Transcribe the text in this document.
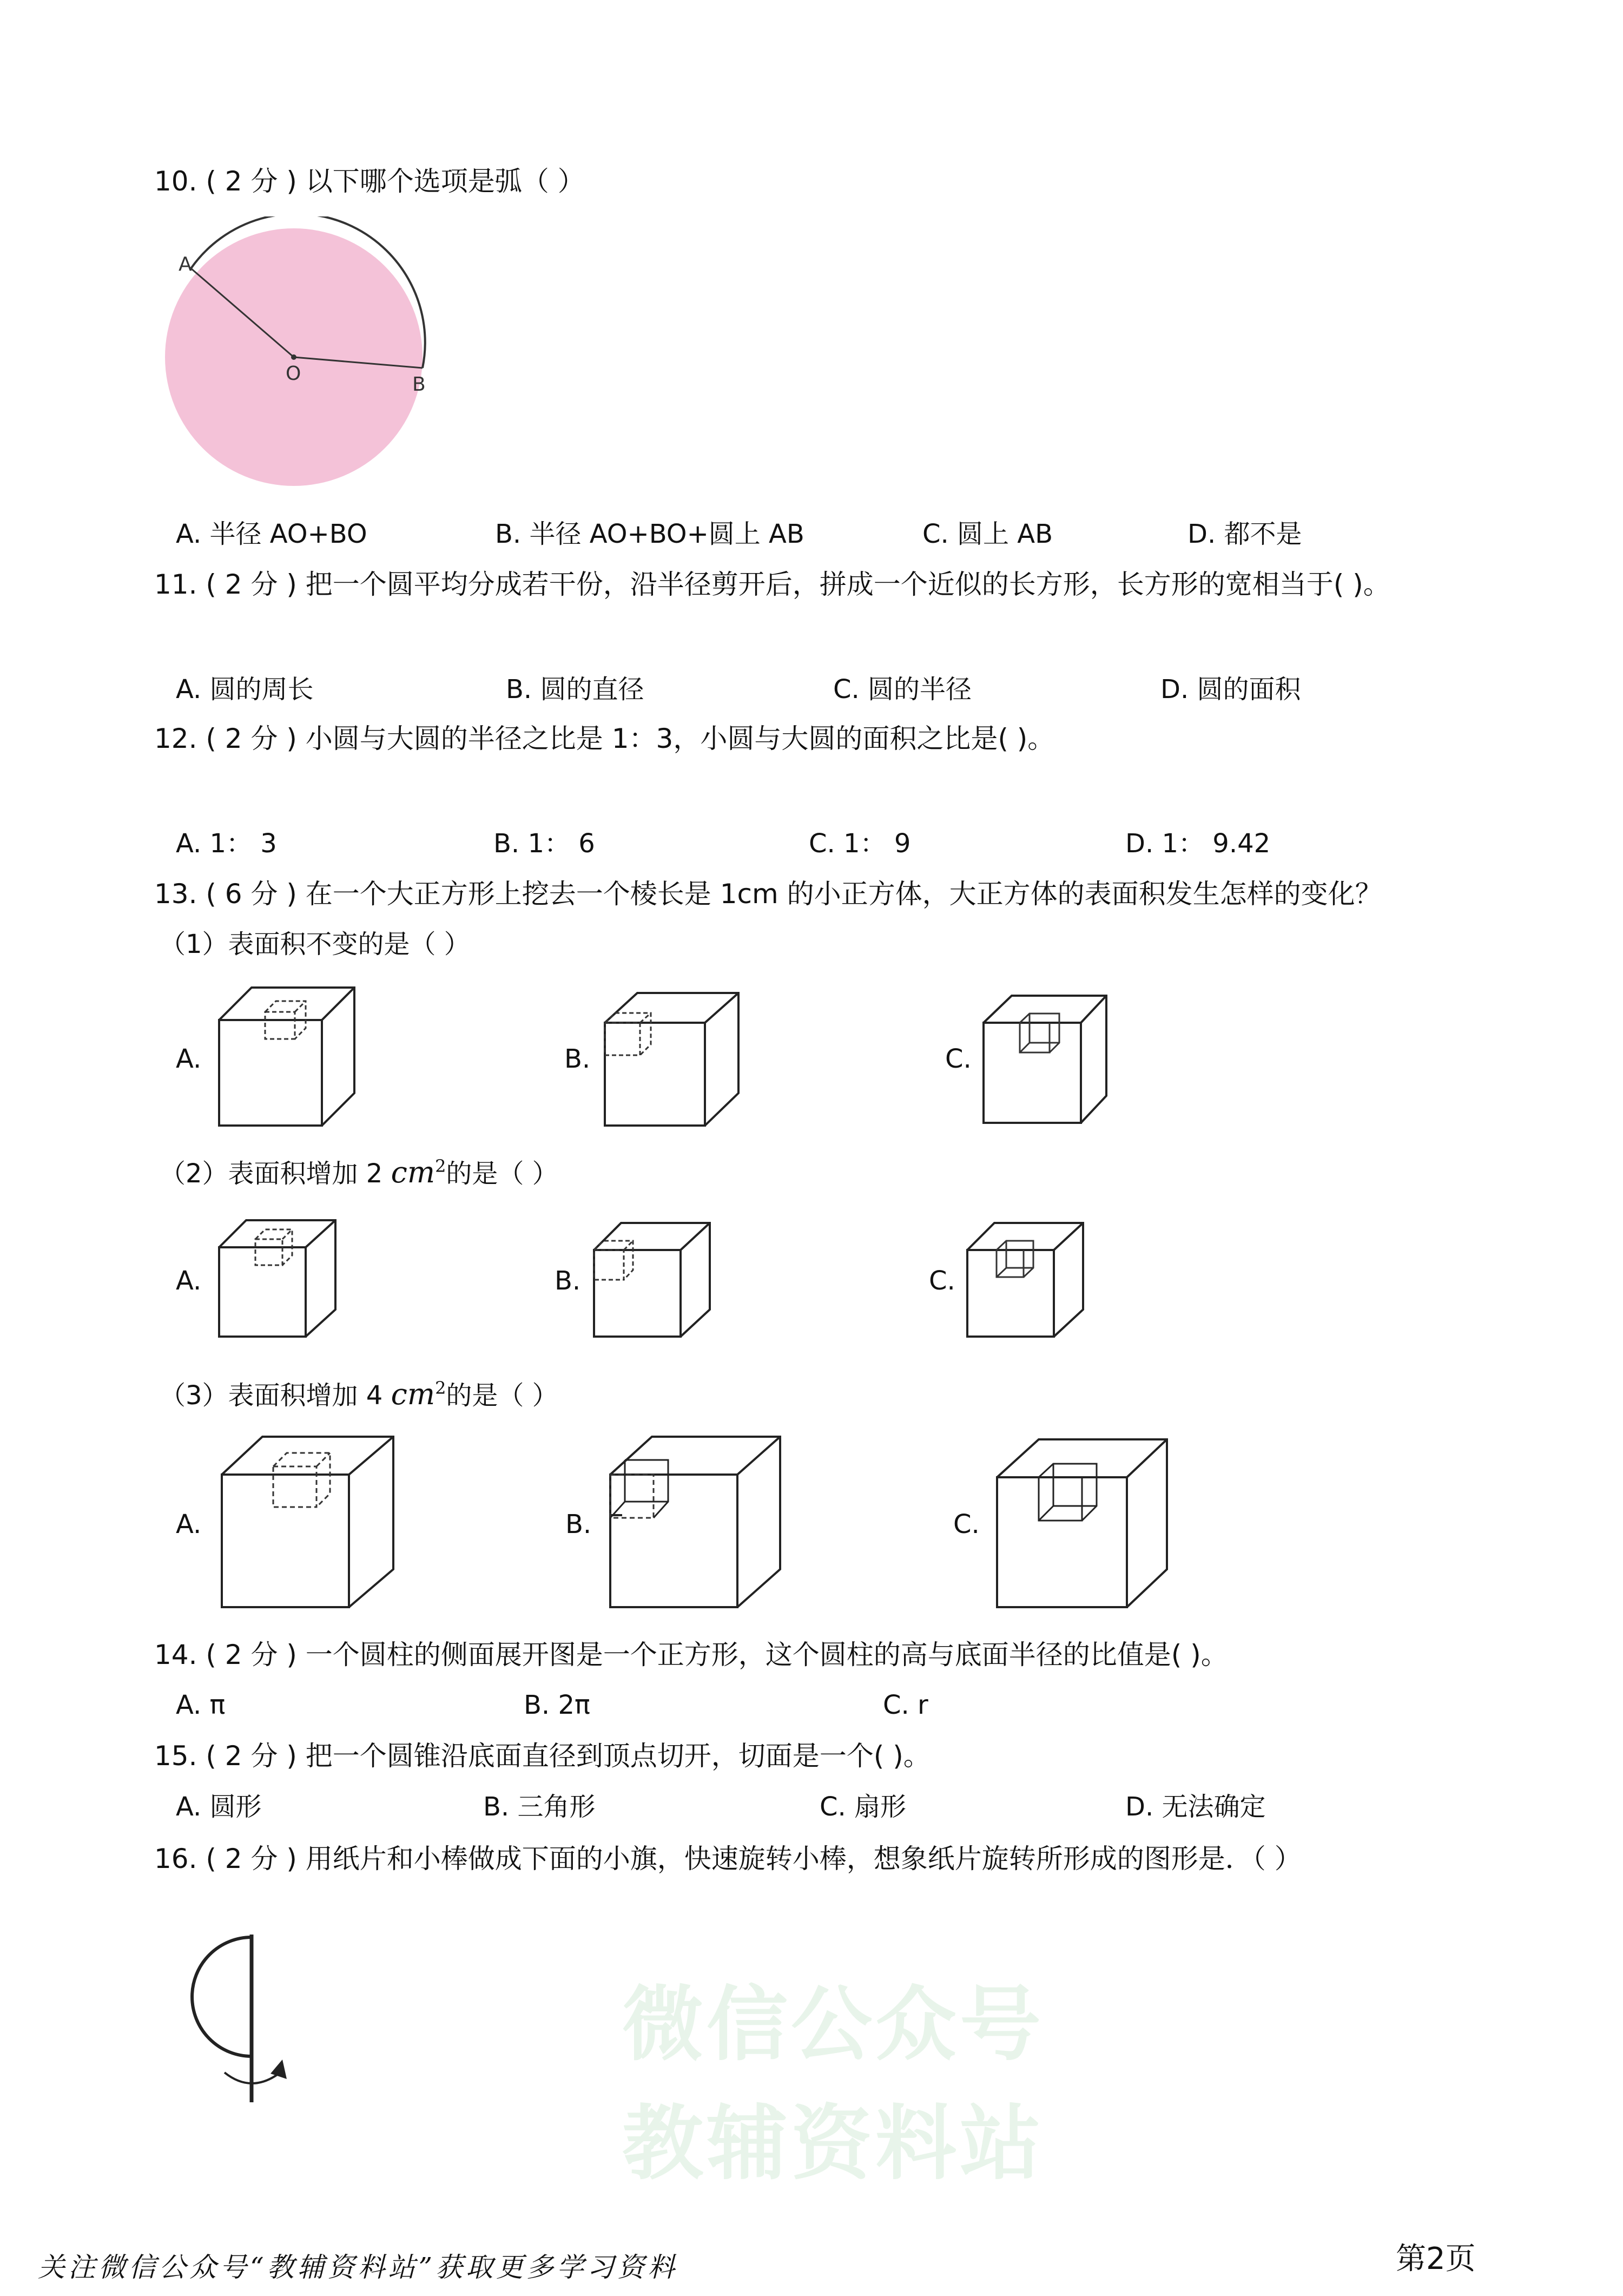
微信公众号
教辅资料站
10. ( 2 分 ) 以下哪个选项是弧（ ）
A
O	B
A. 半径 AO+BO	B. 半径 AO+BO+圆上 AB	C. 圆上 AB	D. 都不是
11. ( 2 分 ) 把一个圆平均分成若干份，沿半径剪开后，拼成一个近似的长方形，长方形的宽相当于( )。
A. 圆的周长	B. 圆的直径	C. 圆的半径	D. 圆的面积
12. ( 2 分 ) 小圆与大圆的半径之比是 1：3，小圆与大圆的面积之比是( )。
A. 1： 3	B. 1： 6	C. 1： 9	D. 1： 9.42
13. ( 6 分 ) 在一个大正方形上挖去一个棱长是 1cm 的小正方体，大正方体的表面积发生怎样的变化？
（1）表面积不变的是（ ）
A.	B.	C.
（2）表面积增加 2 $cm^2$的是（ ）
A.	B.	C.
（3）表面积增加 4 $cm^2$的是（ ）
A.	B.	C.
14. ( 2 分 ) 一个圆柱的侧面展开图是一个正方形，这个圆柱的高与底面半径的比值是( )。
A. π	B. 2π	C. r
15. ( 2 分 ) 把一个圆锥沿底面直径到顶点切开，切面是一个( )。
A. 圆形	B. 三角形	C. 扇形	D. 无法确定
16. ( 2 分 ) 用纸片和小棒做成下面的小旗，快速旋转小棒，想象纸片旋转所形成的图形是．（ ）
关注微信公众号“教辅资料站”获取更多学习资料	第2页
